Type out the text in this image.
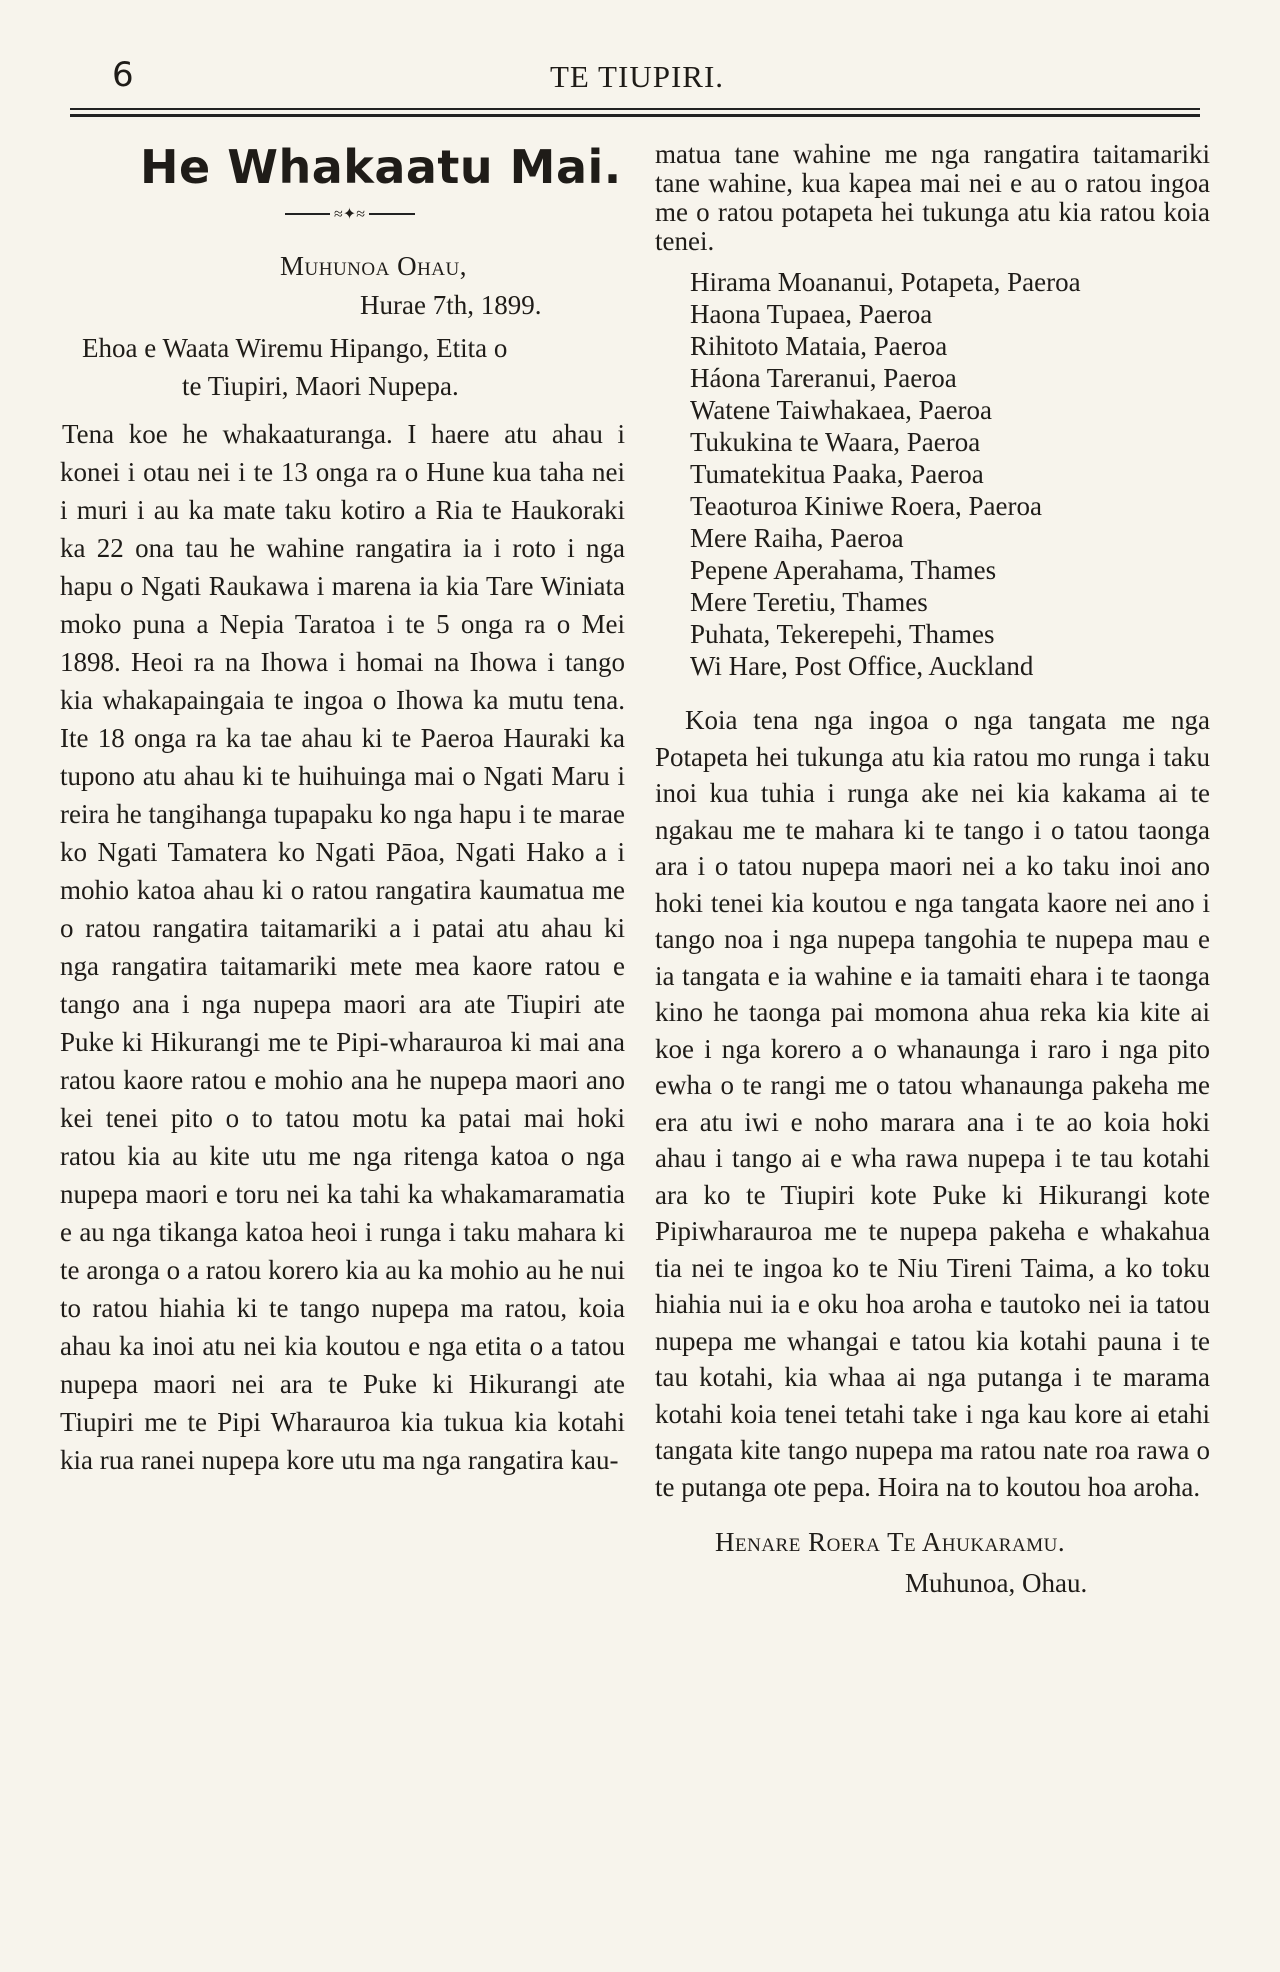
6	TE TIUPIRI.
He Whakaatu Mai.
≈✦≈
Muhunoa Ohau,
Hurae 7th, 1899.
Ehoa e Waata Wiremu Hipango, Etita o
te Tiupiri, Maori Nupepa.

Tena koe he whakaaturanga. I haere atu ahau i konei i otau nei i te 13 onga ra o Hune kua taha nei i muri i au ka mate taku kotiro a Ria te Haukoraki ka 22 ona tau he wahine rangatira ia i roto i nga hapu o Ngati Raukawa i marena ia kia Tare Winiata moko puna a Nepia Taratoa i te 5 onga ra o Mei 1898. Heoi ra na Ihowa i homai na Ihowa i tango kia whakapaingaia te ingoa o Ihowa ka mutu tena. Ite 18 onga ra ka tae ahau ki te Paeroa Hauraki ka tupono atu ahau ki te huihuinga mai o Ngati Maru i reira he tangihanga tupapaku ko nga hapu i te marae ko Ngati Tamatera ko Ngati Pāoa, Ngati Hako a i mohio katoa ahau ki o ratou rangatira kaumatua me o ratou rangatira taitamariki a i patai atu ahau ki nga rangatira taitamariki mete mea kaore ratou e tango ana i nga nupepa maori ara ate Tiupiri ate Puke ki Hikurangi me te Pipi-wharauroa ki mai ana ratou kaore ratou e mohio ana he nupepa maori ano kei tenei pito o to tatou motu ka patai mai hoki ratou kia au kite utu me nga ritenga katoa o nga nupepa maori e toru nei ka tahi ka whakamaramatia e au nga tikanga katoa heoi i runga i taku mahara ki te aronga o a ratou korero kia au ka mohio au he nui to ratou hiahia ki te tango nupepa ma ratou, koia ahau ka inoi atu nei kia koutou e nga etita o a tatou nupepa maori nei ara te Puke ki Hikurangi ate Tiupiri me te Pipi Wharauroa kia tukua kia kotahi kia rua ranei nupepa kore utu ma nga rangatira kau-

matua tane wahine me nga rangatira taitamariki tane wahine, kua kapea mai nei e au o ratou ingoa me o ratou potapeta hei tukunga atu kia ratou koia tenei.

Hirama Moananui, Potapeta, Paeroa
Haona Tupaea, Paeroa
Rihitoto Mataia, Paeroa
Háona Tareranui, Paeroa
Watene Taiwhakaea, Paeroa
Tukukina te Waara, Paeroa
Tumatekitua Paaka, Paeroa
Teaoturoa Kiniwe Roera, Paeroa
Mere Raiha, Paeroa
Pepene Aperahama, Thames
Mere Teretiu, Thames
Puhata, Tekerepehi, Thames
Wi Hare, Post Office, Auckland

Koia tena nga ingoa o nga tangata me nga Potapeta hei tukunga atu kia ratou mo runga i taku inoi kua tuhia i runga ake nei kia kakama ai te ngakau me te mahara ki te tango i o tatou taonga ara i o tatou nupepa maori nei a ko taku inoi ano hoki tenei kia koutou e nga tangata kaore nei ano i tango noa i nga nupepa tangohia te nupepa mau e ia tangata e ia wahine e ia tamaiti ehara i te taonga kino he taonga pai momona ahua reka kia kite ai koe i nga korero a o whanaunga i raro i nga pito ewha o te rangi me o tatou whanaunga pakeha me era atu iwi e noho marara ana i te ao koia hoki ahau i tango ai e wha rawa nupepa i te tau kotahi ara ko te Tiupiri kote Puke ki Hikurangi kote Pipiwharauroa me te nupepa pakeha e whakahua tia nei te ingoa ko te Niu Tireni Taima, a ko toku hiahia nui ia e oku hoa aroha e tautoko nei ia tatou nupepa me whangai e tatou kia kotahi pauna i te tau kotahi, kia whaa ai nga putanga i te marama kotahi koia tenei tetahi take i nga kau kore ai etahi tangata kite tango nupepa ma ratou nate roa rawa o te putanga ote pepa. Hoira na to koutou hoa aroha.

Henare Roera Te Ahukaramu.
Muhunoa, Ohau.
